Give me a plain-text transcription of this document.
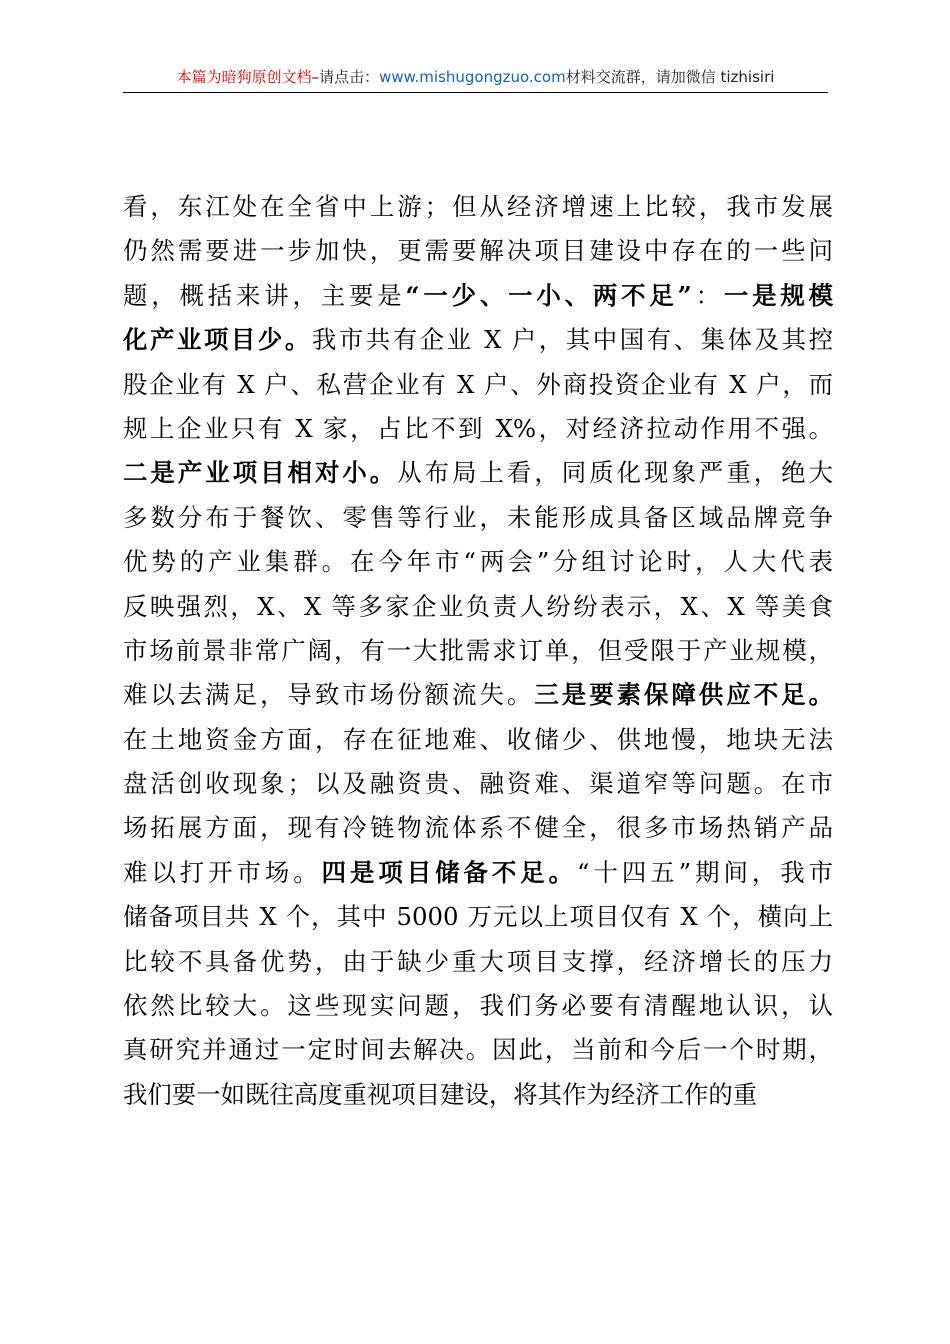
本篇为暗狗原创文档–请点击：www.mishugongzuo.com材料交流群，请加微信 tizhisiri
看，东江处在全省中上游；但从经济增速上比较，我市发展
仍然需要进一步加快，更需要解决项目建设中存在的一些问
题，概括来讲，主要是“一少、一小、两不足”：一是规模
化产业项目少。我市共有企业 X 户，其中国有、集体及其控
股企业有 X 户、私营企业有 X 户、外商投资企业有 X 户，而
规上企业只有 X 家，占比不到 X%，对经济拉动作用不强。
二是产业项目相对小。从布局上看，同质化现象严重，绝大
多数分布于餐饮、零售等行业，未能形成具备区域品牌竞争
优势的产业集群。在今年市“两会”分组讨论时，人大代表
反映强烈，X、X 等多家企业负责人纷纷表示，X、X 等美食
市场前景非常广阔，有一大批需求订单，但受限于产业规模，
难以去满足，导致市场份额流失。三是要素保障供应不足。
在土地资金方面，存在征地难、收储少、供地慢，地块无法
盘活创收现象；以及融资贵、融资难、渠道窄等问题。在市
场拓展方面，现有冷链物流体系不健全，很多市场热销产品
难以打开市场。四是项目储备不足。“十四五”期间，我市
储备项目共 X 个，其中 5000 万元以上项目仅有 X 个，横向上
比较不具备优势，由于缺少重大项目支撑，经济增长的压力
依然比较大。这些现实问题，我们务必要有清醒地认识，认
真研究并通过一定时间去解决。因此，当前和今后一个时期，
我们要一如既往高度重视项目建设，将其作为经济工作的重
